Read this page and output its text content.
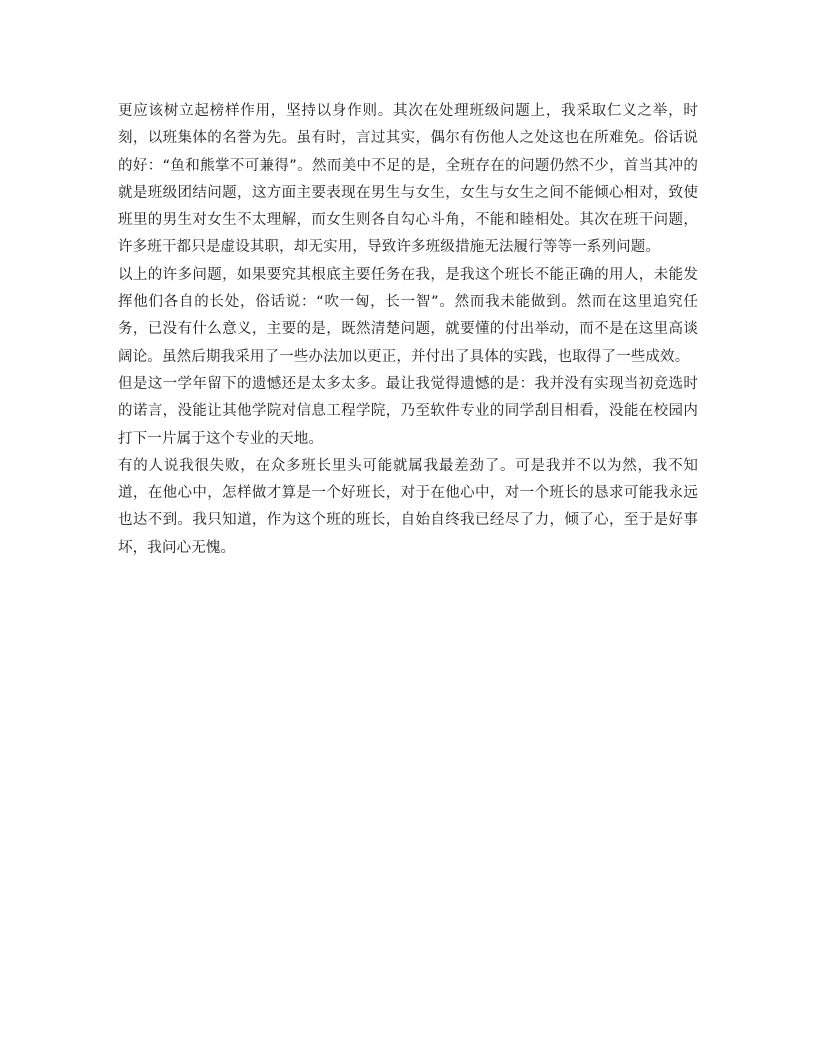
更应该树立起榜样作用，坚持以身作则。其次在处理班级问题上，我采取仁义之举，时刻，以班集体的名誉为先。虽有时，言过其实，偶尔有伤他人之处这也在所难免。俗话说的好：“鱼和熊掌不可兼得”。然而美中不足的是，全班存在的问题仍然不少，首当其冲的就是班级团结问题，这方面主要表现在男生与女生，女生与女生之间不能倾心相对，致使班里的男生对女生不太理解，而女生则各自勾心斗角，不能和睦相处。其次在班干问题，许多班干都只是虚设其职，却无实用，导致许多班级措施无法履行等等一系列问题。

以上的许多问题，如果要究其根底主要任务在我，是我这个班长不能正确的用人，未能发挥他们各自的长处，俗话说：“吹一匈，长一智”。然而我未能做到。然而在这里追究任务，已没有什么意义，主要的是，既然清楚问题，就要懂的付出举动，而不是在这里高谈阔论。虽然后期我采用了一些办法加以更正，并付出了具体的实践，也取得了一些成效。

但是这一学年留下的遗憾还是太多太多。最让我觉得遗憾的是：我并没有实现当初竞选时的诺言，没能让其他学院对信息工程学院，乃至软件专业的同学刮目相看，没能在校园内打下一片属于这个专业的天地。

有的人说我很失败，在众多班长里头可能就属我最差劲了。可是我并不以为然，我不知道，在他心中，怎样做才算是一个好班长，对于在他心中，对一个班长的恳求可能我永远也达不到。我只知道，作为这个班的班长，自始自终我已经尽了力，倾了心，至于是好事坏，我问心无愧。
